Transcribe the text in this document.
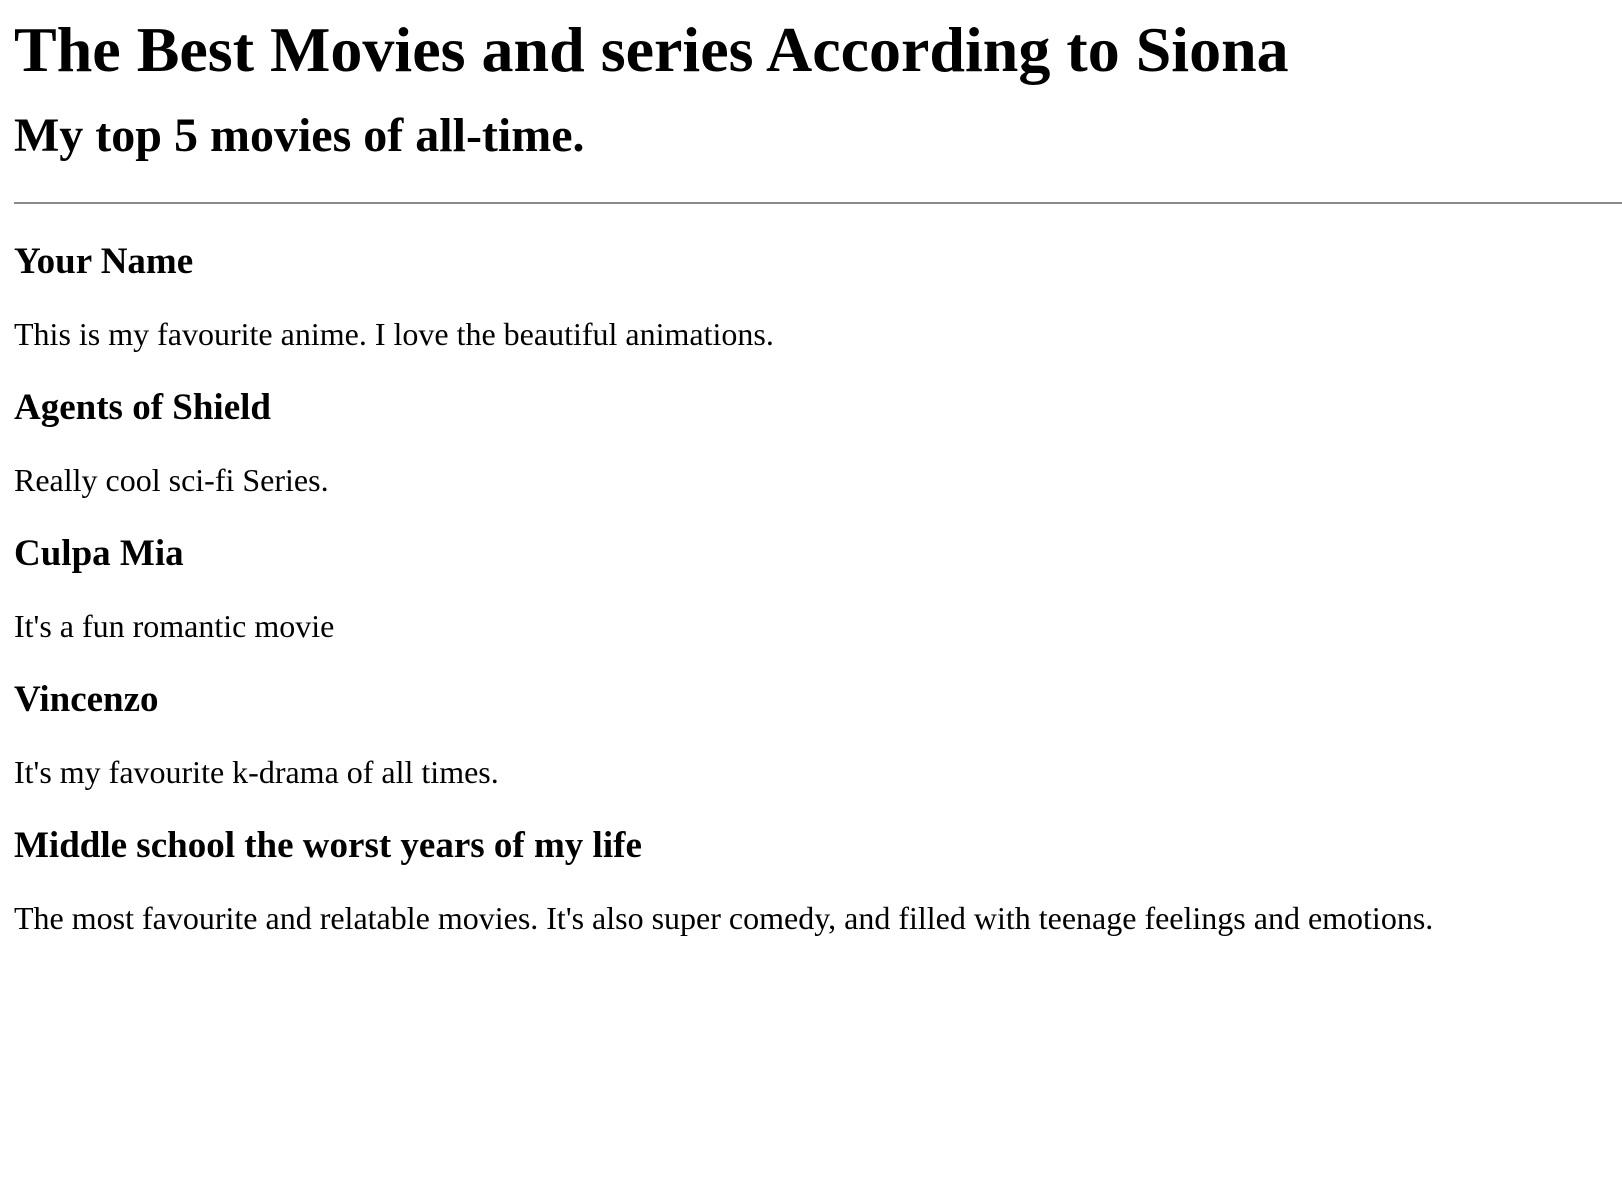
The Best Movies and series According to Siona
My top 5 movies of all-time.
Your Name

This is my favourite anime. I love the beautiful animations.

Agents of Shield

Really cool sci-fi Series.

Culpa Mia

It's a fun romantic movie

Vincenzo

It's my favourite k-drama of all times.

Middle school the worst years of my life

The most favourite and relatable movies. It's also super comedy, and filled with teenage feelings and emotions.
